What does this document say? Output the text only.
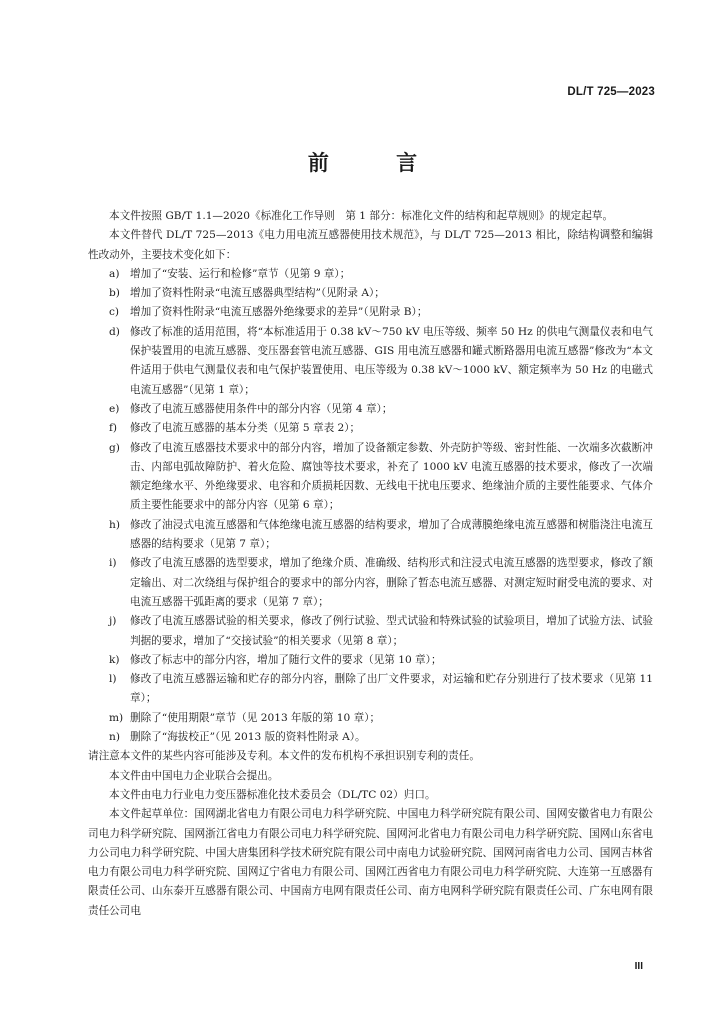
DL/T 725—2023
前 言

本文件按照 GB/T 1.1—2020《标准化工作导则　第 1 部分：标准化文件的结构和起草规则》的规定起草。

本文件替代 DL/T 725—2013《电力用电流互感器使用技术规范》，与 DL/T 725—2013 相比，除结构调整和编辑性改动外，主要技术变化如下：

a) 增加了“安装、运行和检修”章节（见第 9 章）；
b) 增加了资料性附录“电流互感器典型结构”（见附录 A）；
c)	增加了资料性附录“电流互感器外绝缘要求的差异”（见附录 B）；
d) 修改了标准的适用范围，将“本标准适用于 0.38 kV～750 kV 电压等级、频率 50 Hz 的供电气测量仪表和电气保护装置用的电流互感器、变压器套管电流互感器、GIS 用电流互感器和罐式断路器用电流互感器”修改为“本文件适用于供电气测量仪表和电气保护装置使用、电压等级为 0.38 kV～1000 kV、额定频率为 50 Hz 的电磁式电流互感器”（见第 1 章）；
e) 修改了电流互感器使用条件中的部分内容（见第 4 章）；
f)	修改了电流互感器的基本分类（见第 5 章表 2）；
g) 修改了电流互感器技术要求中的部分内容，增加了设备额定参数、外壳防护等级、密封性能、一次端多次截断冲击、内部电弧故障防护、着火危险、腐蚀等技术要求，补充了 1000 kV 电流互感器的技术要求，修改了一次端额定绝缘水平、外绝缘要求、电容和介质损耗因数、无线电干扰电压要求、绝缘油介质的主要性能要求、气体介质主要性能要求中的部分内容（见第 6 章）；
h) 修改了油浸式电流互感器和气体绝缘电流互感器的结构要求，增加了合成薄膜绝缘电流互感器和树脂浇注电流互感器的结构要求（见第 7 章）；
i)	修改了电流互感器的选型要求，增加了绝缘介质、准确级、结构形式和注浸式电流互感器的选型要求，修改了额定输出、对二次绕组与保护组合的要求中的部分内容，删除了暂态电流互感器、对测定短时耐受电流的要求、对电流互感器干弧距离的要求（见第 7 章）；
j)	修改了电流互感器试验的相关要求，修改了例行试验、型式试验和特殊试验的试验项目，增加了试验方法、试验判据的要求，增加了“交接试验”的相关要求（见第 8 章）；
k) 修改了标志中的部分内容，增加了随行文件的要求（见第 10 章）；
l)	修改了电流互感器运输和贮存的部分内容，删除了出厂文件要求，对运输和贮存分别进行了技术要求（见第 11 章）；
m) 删除了“使用期限”章节（见 2013 年版的第 10 章）；
n) 删除了“海拔校正”（见 2013 版的资料性附录 A）。

请注意本文件的某些内容可能涉及专利。本文件的发布机构不承担识别专利的责任。

本文件由中国电力企业联合会提出。

本文件由电力行业电力变压器标准化技术委员会（DL/TC 02）归口。

本文件起草单位：国网湖北省电力有限公司电力科学研究院、中国电力科学研究院有限公司、国网安徽省电力有限公司电力科学研究院、国网浙江省电力有限公司电力科学研究院、国网河北省电力有限公司电力科学研究院、国网山东省电力公司电力科学研究院、中国大唐集团科学技术研究院有限公司中南电力试验研究院、国网河南省电力公司、国网吉林省电力有限公司电力科学研究院、国网辽宁省电力有限公司、国网江西省电力有限公司电力科学研究院、大连第一互感器有限责任公司、山东泰开互感器有限公司、中国南方电网有限责任公司、南方电网科学研究院有限责任公司、广东电网有限责任公司电

III
